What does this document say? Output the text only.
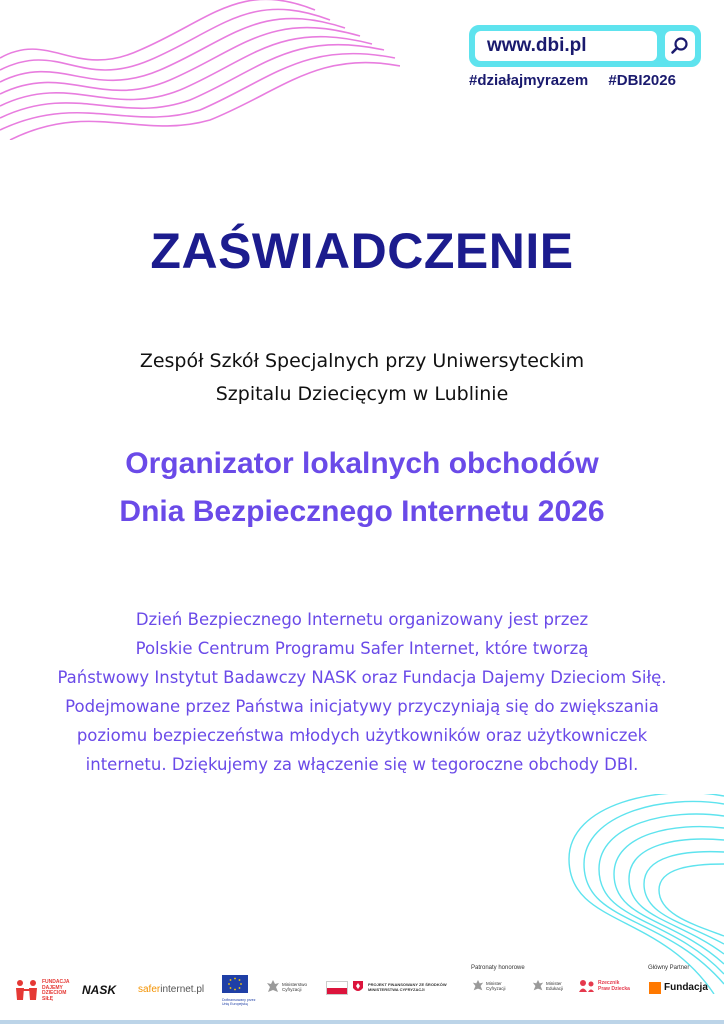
www.dbi.pl
#działajmyrazem #DBI2026
ZAŚWIADCZENIE
Zespół Szkół Specjalnych przy Uniwersyteckim
Szpitalu Dziecięcym w Lublinie
Organizator lokalnych obchodów
Dnia Bezpiecznego Internetu 2026
Dzień Bezpiecznego Internetu organizowany jest przez
Polskie Centrum Programu Safer Internet, które tworzą
Państwowy Instytut Badawczy NASK oraz Fundacja Dajemy Dzieciom Siłę.
Podejmowane przez Państwa inicjatywy przyczyniają się do zwiększania
poziomu bezpieczeństwa młodych użytkowników oraz użytkowniczek
internetu. Dziękujemy za włączenie się w tegoroczne obchody DBI.
FUNDACJA DAJEMY DZIECIOM SIŁĘ
NASK saferinternet.pl
Dofinansowany przez Unię Europejską
Ministerstwo Cyfryzacji
PROJEKT FINANSOWANY ZE ŚRODKÓW MINISTERSTWA CYFRYZACJI
Patronaty honorowe
Minister Cyfryzacji
Minister Edukacji
Rzecznik Praw Dziecka
Główny Partner
Fundacja
